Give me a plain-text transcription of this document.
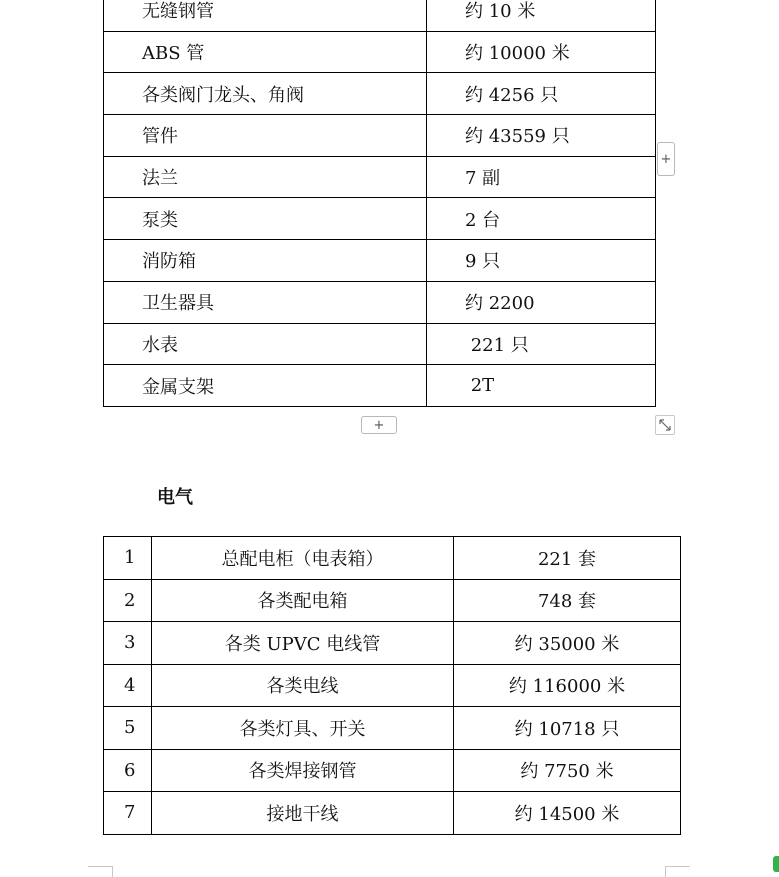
无缝钢管	约 10 米
ABS 管	约 10000 米
各类阀门龙头、角阀	约 4256 只
管件	约 43559 只
法兰	7 副
泵类	2 台
消防箱	9 只
卫生器具	约 2200
水表	221 只
金属支架	2T
+
+
电气
1	总配电柜（电表箱）	221 套
2	各类配电箱	748 套
3	各类 UPVC 电线管	约 35000 米
4	各类电线	约 116000 米
5	各类灯具、开关	约 10718 只
6	各类焊接钢管	约 7750 米
7	接地干线	约 14500 米
